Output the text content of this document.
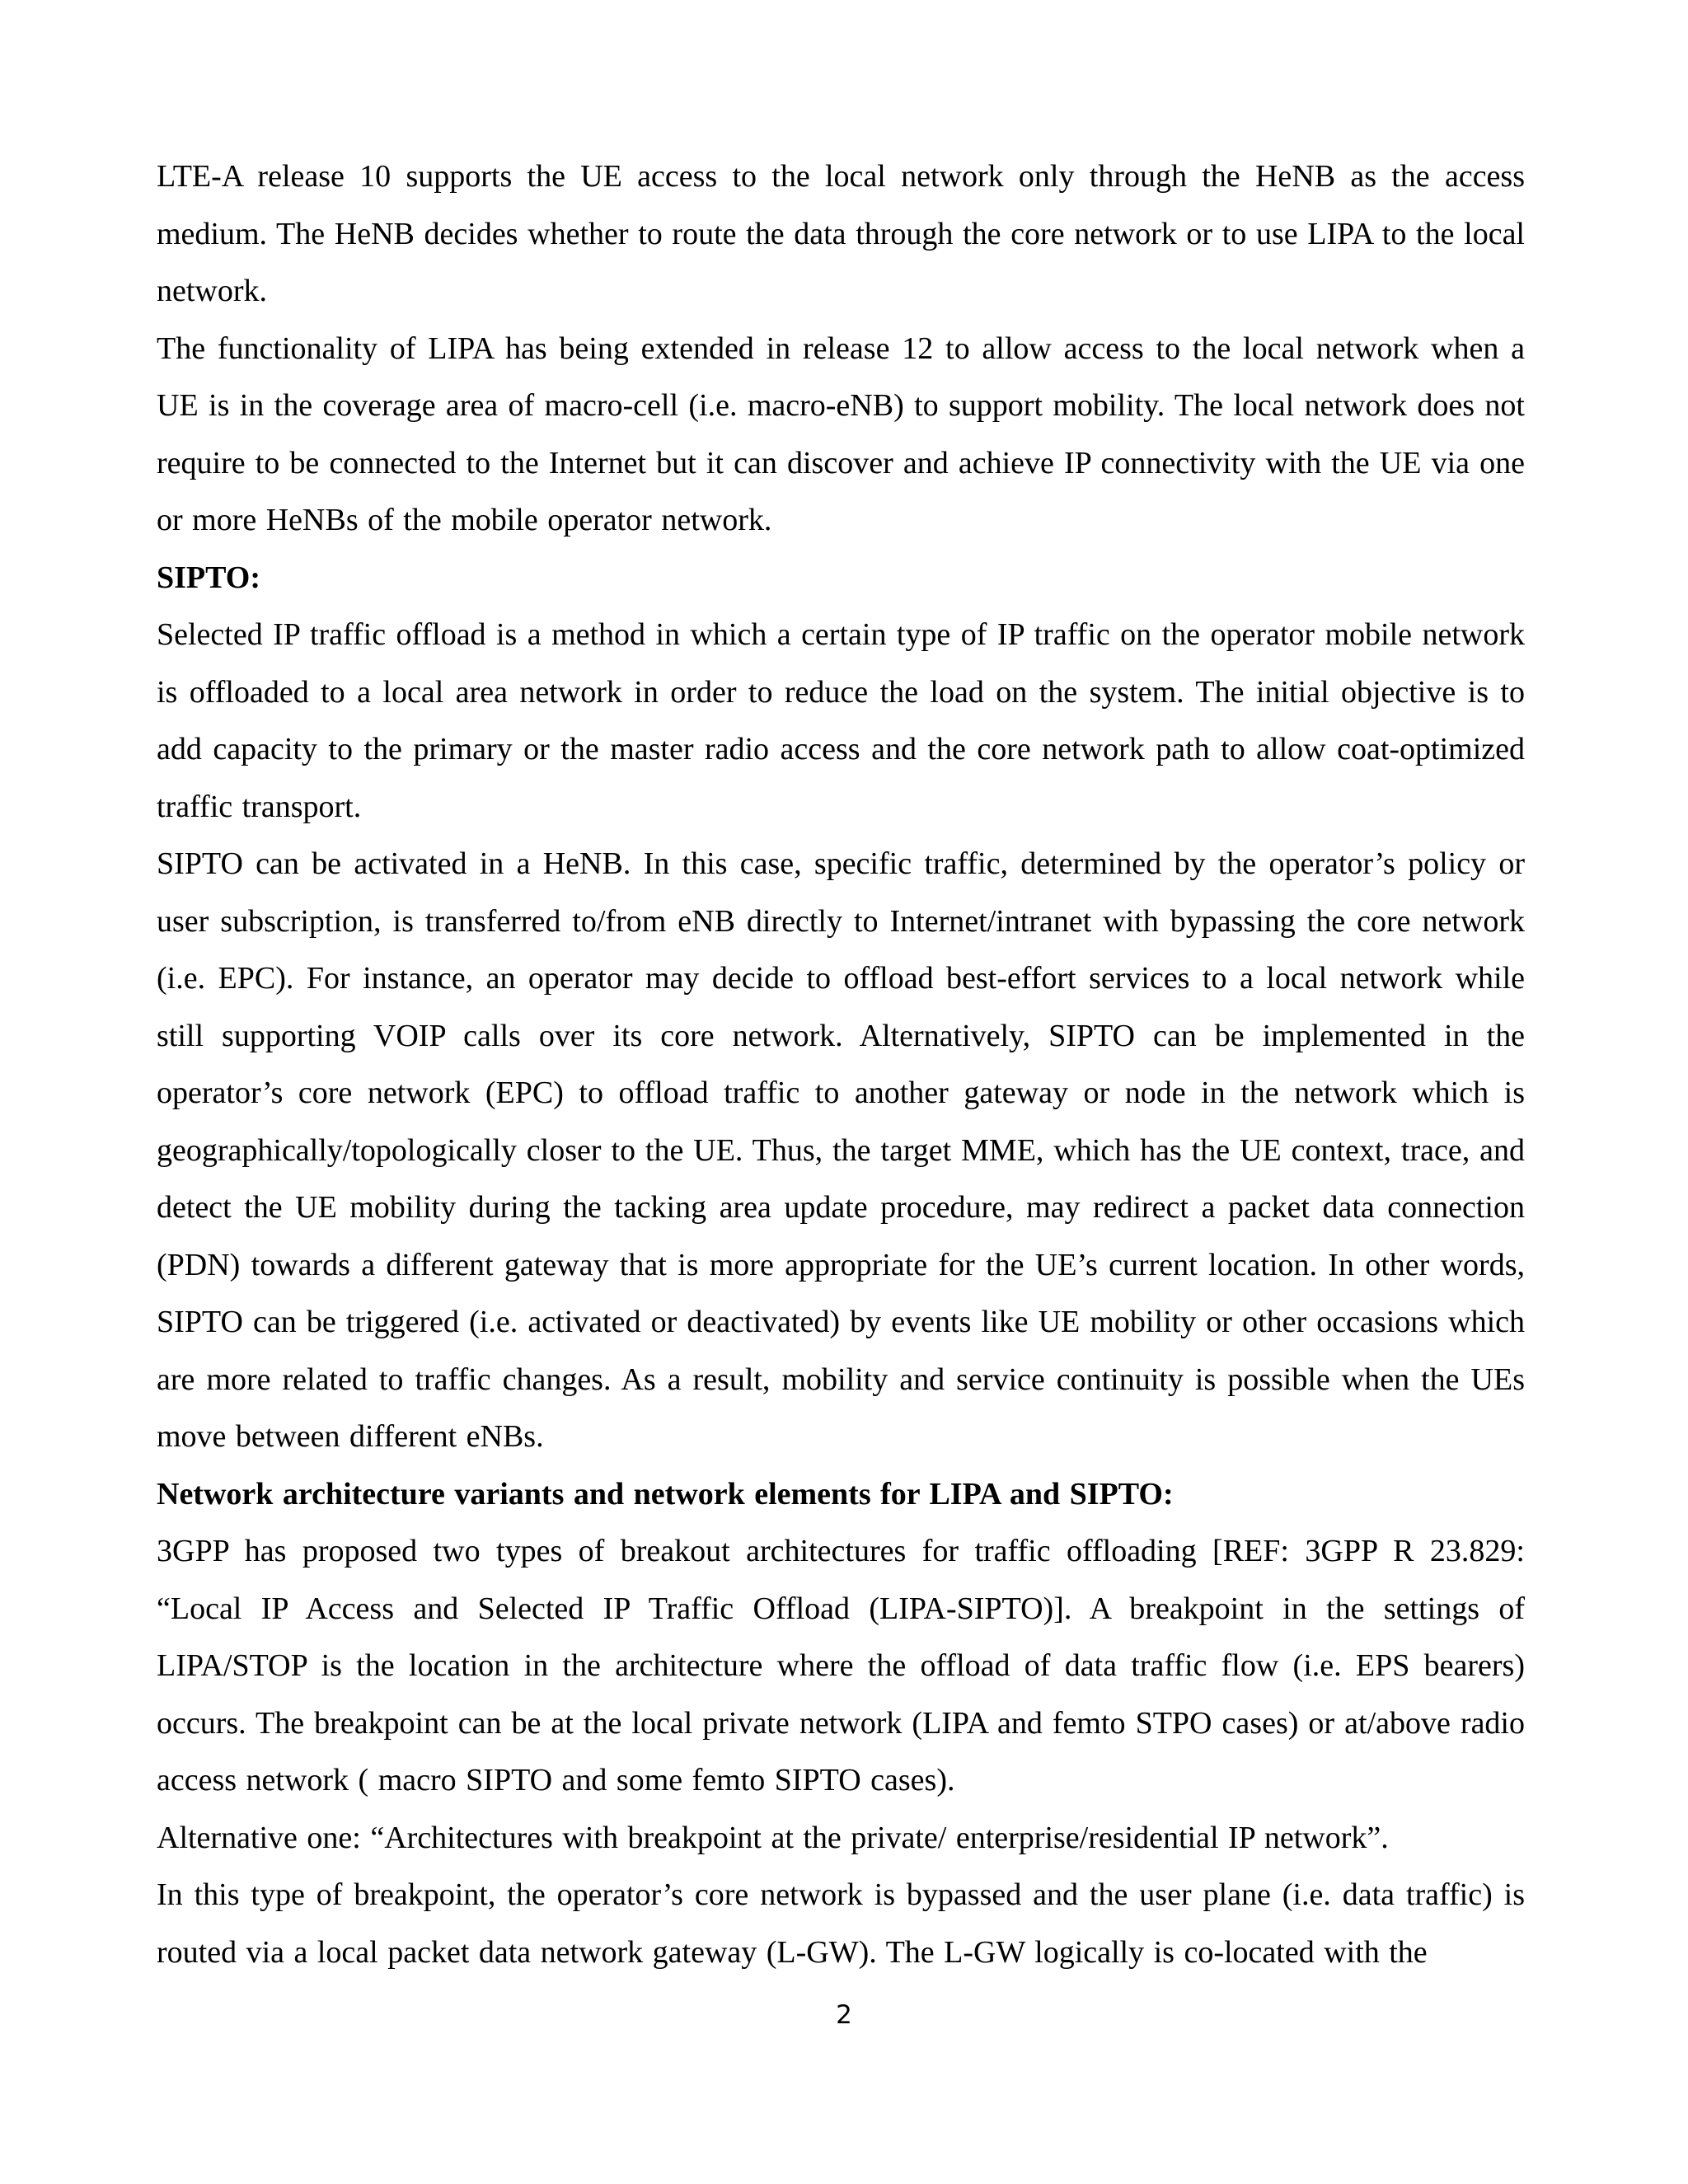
LTE-A release 10 supports the UE access to the local network only through the HeNB as the access medium. The HeNB decides whether to route the data through the core network or to use LIPA to the local network.

The functionality of LIPA has being extended in release 12 to allow access to the local network when a UE is in the coverage area of macro-cell (i.e. macro-eNB) to support mobility. The local network does not require to be connected to the Internet but it can discover and achieve IP connectivity with the UE via one or more HeNBs of the mobile operator network.

SIPTO:

Selected IP traffic offload is a method in which a certain type of IP traffic on the operator mobile network is offloaded to a local area network in order to reduce the load on the system. The initial objective is to add capacity to the primary or the master radio access and the core network path to allow coat-optimized traffic transport.

SIPTO can be activated in a HeNB. In this case, specific traffic, determined by the operator’s policy or user subscription, is transferred to/from eNB directly to Internet/intranet with bypassing the core network (i.e. EPC). For instance, an operator may decide to offload best-effort services to a local network while still supporting VOIP calls over its core network. Alternatively, SIPTO can be implemented in the operator’s core network (EPC) to offload traffic to another gateway or node in the network which is geographically/topologically closer to the UE. Thus, the target MME, which has the UE context, trace, and detect the UE mobility during the tacking area update procedure, may redirect a packet data connection (PDN) towards a different gateway that is more appropriate for the UE’s current location. In other words, SIPTO can be triggered (i.e. activated or deactivated) by events like UE mobility or other occasions which are more related to traffic changes. As a result, mobility and service continuity is possible when the UEs move between different eNBs.

Network architecture variants and network elements for LIPA and SIPTO:

3GPP has proposed two types of breakout architectures for traffic offloading [REF: 3GPP R 23.829: “Local IP Access and Selected IP Traffic Offload (LIPA-SIPTO)]. A breakpoint in the settings of LIPA/STOP is the location in the architecture where the offload of data traffic flow (i.e. EPS bearers) occurs. The breakpoint can be at the local private network (LIPA and femto STPO cases) or at/above radio access network ( macro SIPTO and some femto SIPTO cases).

Alternative one: “Architectures with breakpoint at the private/ enterprise/residential IP network”.

In this type of breakpoint, the operator’s core network is bypassed and the user plane (i.e. data traffic) is routed via a local packet data network gateway (L-GW). The L-GW logically is co-located with the

2
